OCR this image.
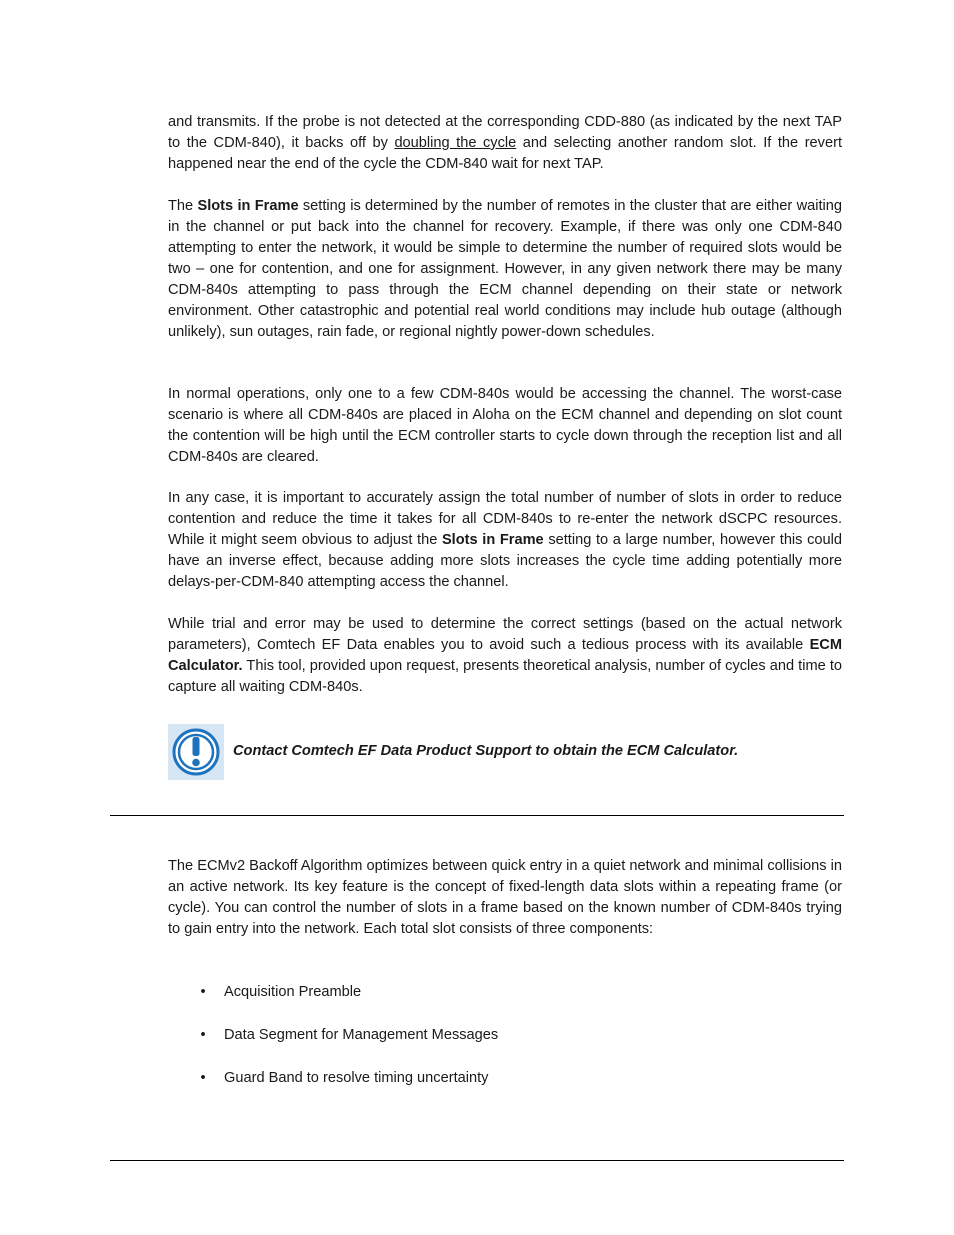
and transmits. If the probe is not detected at the corresponding CDD-880 (as indicated by the next TAP to the CDM-840), it backs off by doubling the cycle and selecting another random slot. If the revert happened near the end of the cycle the CDM-840 wait for next TAP.

The Slots in Frame setting is determined by the number of remotes in the cluster that are either waiting in the channel or put back into the channel for recovery. Example, if there was only one CDM-840 attempting to enter the network, it would be simple to determine the number of required slots would be two – one for contention, and one for assignment. However, in any given network there may be many CDM-840s attempting to pass through the ECM channel depending on their state or network environment. Other catastrophic and potential real world conditions may include hub outage (although unlikely), sun outages, rain fade, or regional nightly power-down schedules.

In normal operations, only one to a few CDM-840s would be accessing the channel. The worst-case scenario is where all CDM-840s are placed in Aloha on the ECM channel and depending on slot count the contention will be high until the ECM controller starts to cycle down through the reception list and all CDM-840s are cleared.

In any case, it is important to accurately assign the total number of number of slots in order to reduce contention and reduce the time it takes for all CDM-840s to re-enter the network dSCPC resources. While it might seem obvious to adjust the Slots in Frame setting to a large number, however this could have an inverse effect, because adding more slots increases the cycle time adding potentially more delays-per-CDM-840 attempting access the channel.

While trial and error may be used to determine the correct settings (based on the actual network parameters), Comtech EF Data enables you to avoid such a tedious process with its available ECM Calculator. This tool, provided upon request, presents theoretical analysis, number of cycles and time to capture all waiting CDM-840s.

Contact Comtech EF Data Product Support to obtain the ECM Calculator.

The ECMv2 Backoff Algorithm optimizes between quick entry in a quiet network and minimal collisions in an active network. Its key feature is the concept of fixed-length data slots within a repeating frame (or cycle). You can control the number of slots in a frame based on the known number of CDM-840s trying to gain entry into the network. Each total slot consists of three components:

• Acquisition Preamble
• Data Segment for Management Messages
• Guard Band to resolve timing uncertainty
